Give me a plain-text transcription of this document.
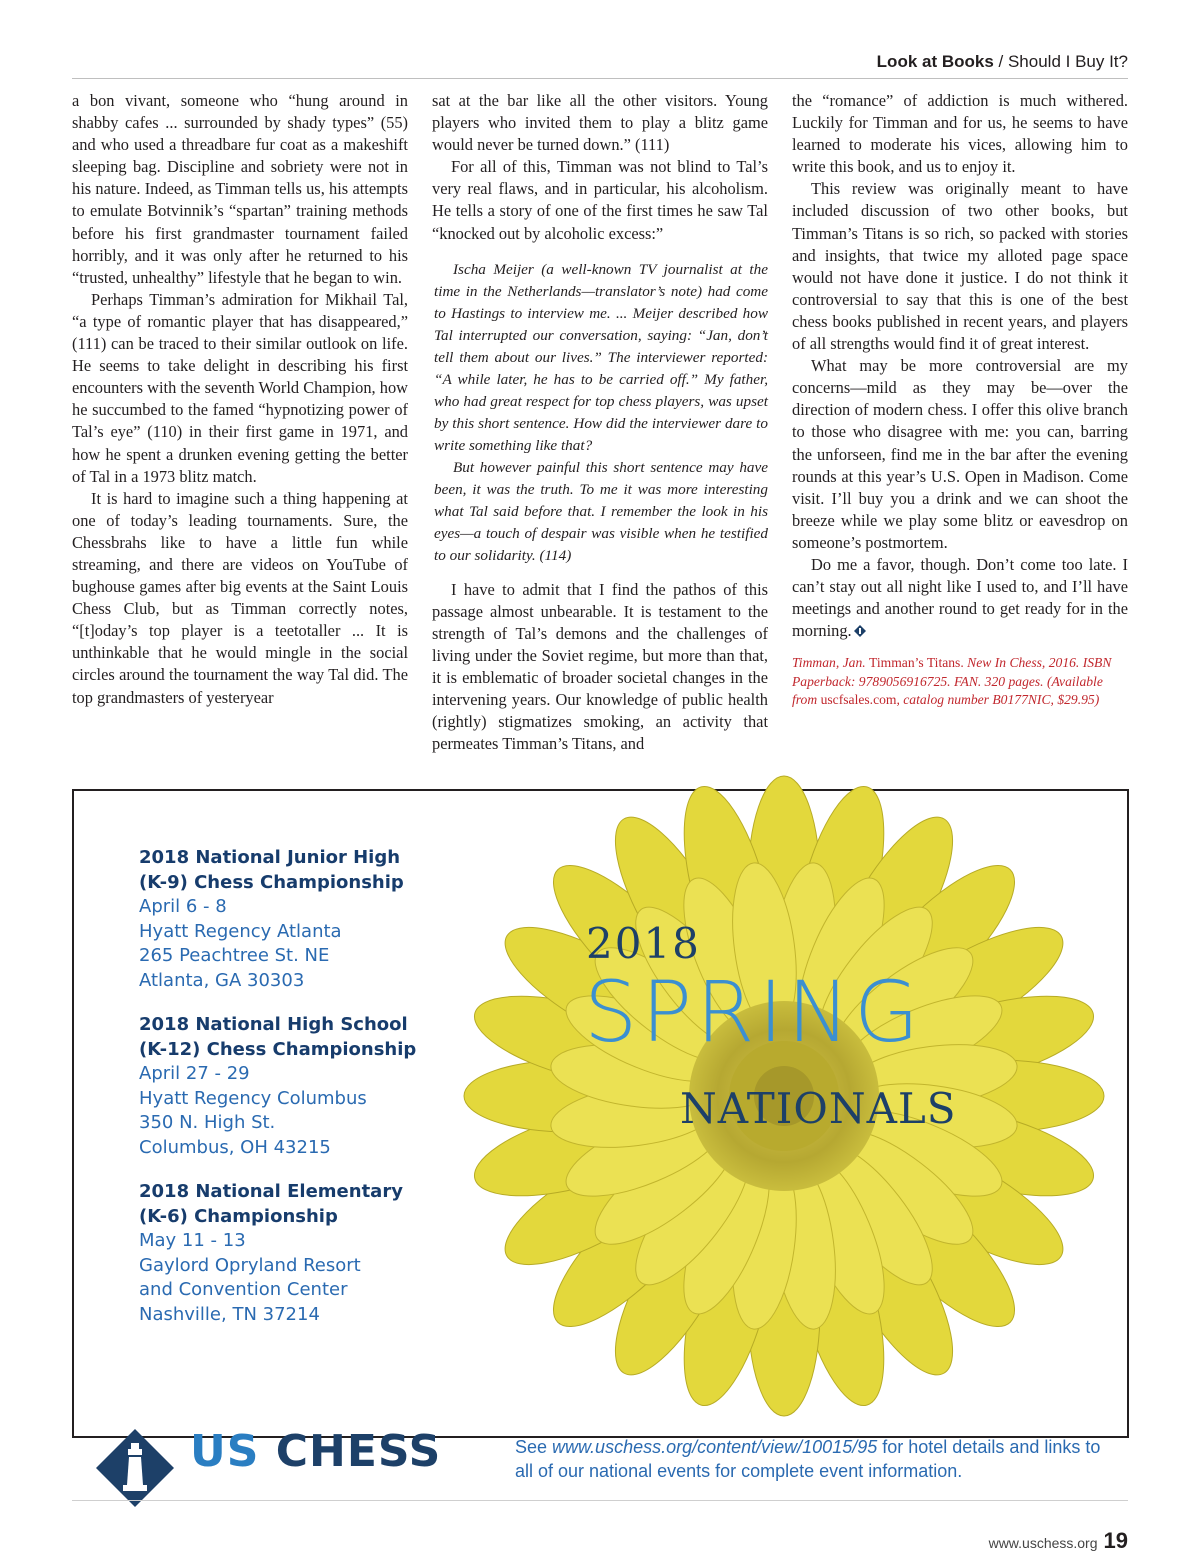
Look at Books / Should I Buy It?

a bon vivant, someone who “hung around in shabby cafes ... surrounded by shady types” (55) and who used a threadbare fur coat as a makeshift sleeping bag. Discipline and sobriety were not in his nature. Indeed, as Timman tells us, his attempts to emulate Botvinnik’s “spartan” training methods before his first grandmaster tournament failed horribly, and it was only after he returned to his “trusted, unhealthy” lifestyle that he began to win.

Perhaps Timman’s admiration for Mikhail Tal, “a type of romantic player that has disappeared,” (111) can be traced to their similar outlook on life. He seems to take delight in describing his first encounters with the seventh World Champion, how he succumbed to the famed “hypnotizing power of Tal’s eye” (110) in their first game in 1971, and how he spent a drunken evening getting the better of Tal in a 1973 blitz match.

It is hard to imagine such a thing happening at one of today’s leading tournaments. Sure, the Chessbrahs like to have a little fun while streaming, and there are videos on YouTube of bughouse games after big events at the Saint Louis Chess Club, but as Timman correctly notes, “[t]oday’s top player is a teetotaller ... It is unthinkable that he would mingle in the social circles around the tournament the way Tal did. The top grandmasters of yesteryear

sat at the bar like all the other visitors. Young players who invited them to play a blitz game would never be turned down.” (111)

For all of this, Timman was not blind to Tal’s very real flaws, and in particular, his alcoholism. He tells a story of one of the first times he saw Tal “knocked out by alcoholic excess:”

Ischa Meijer (a well-known TV journalist at the time in the Netherlands—translator’s note) had come to Hastings to interview me. ... Meijer described how Tal interrupted our conversation, saying: “Jan, don’t tell them about our lives.” The interviewer reported: “A while later, he has to be carried off.” My father, who had great respect for top chess players, was upset by this short sentence. How did the interviewer dare to write something like that?

But however painful this short sentence may have been, it was the truth. To me it was more interesting what Tal said before that. I remember the look in his eyes—a touch of despair was visible when he testified to our solidarity. (114)

I have to admit that I find the pathos of this passage almost unbearable. It is testament to the strength of Tal’s demons and the challenges of living under the Soviet regime, but more than that, it is emblematic of broader societal changes in the intervening years. Our knowledge of public health (rightly) stigmatizes smoking, an activity that permeates Timman’s Titans, and

the “romance” of addiction is much withered. Luckily for Timman and for us, he seems to have learned to moderate his vices, allowing him to write this book, and us to enjoy it.

This review was originally meant to have included discussion of two other books, but Timman’s Titans is so rich, so packed with stories and insights, that twice my alloted page space would not have done it justice. I do not think it controversial to say that this is one of the best chess books published in recent years, and players of all strengths would find it of great interest.

What may be more controversial are my concerns—mild as they may be—over the direction of modern chess. I offer this olive branch to those who disagree with me: you can, barring the unforseen, find me in the bar after the evening rounds at this year’s U.S. Open in Madison. Come visit. I’ll buy you a drink and we can shoot the breeze while we play some blitz or eavesdrop on someone’s postmortem.

Do me a favor, though. Don’t come too late. I can’t stay out all night like I used to, and I’ll have meetings and another round to get ready for in the morning.

Timman, Jan. Timman’s Titans. New In Chess, 2016. ISBN Paperback: 9789056916725. FAN. 320 pages. (Available from uscfsales.com, catalog number B0177NIC, $29.95)
2018 National Junior High
(K-9) Chess Championship
April 6 - 8
Hyatt Regency Atlanta
265 Peachtree St. NE
Atlanta, GA 30303
2018 National High School
(K-12) Chess Championship
April 27 - 29
Hyatt Regency Columbus
350 N. High St.
Columbus, OH 43215
2018 National Elementary
(K-6) Championship
May 11 - 13
Gaylord Opryland Resort
and Convention Center
Nashville, TN 37214
2018
SPRING
NATIONALS
US CHESS	See www.uschess.org/content/view/10015/95 for hotel details and links to all of our national events for complete event information.
www.uschess.org 19
